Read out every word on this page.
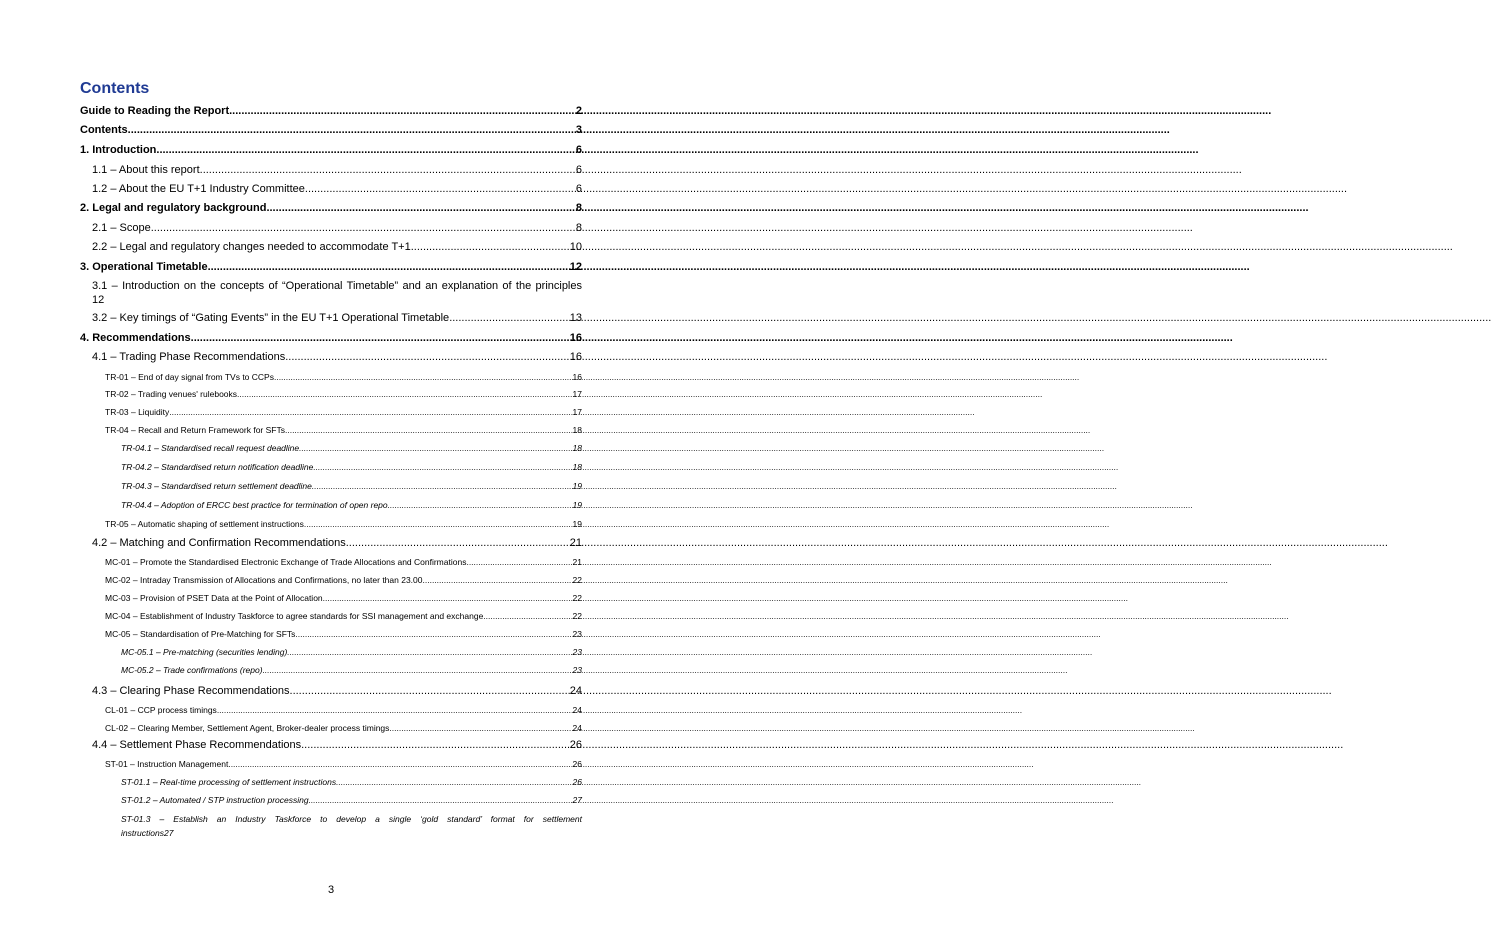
Contents
Guide to Reading the Report .....	2
Contents .....	3
1. Introduction .....	6
1.1 – About this report .....	6
1.2 – About the EU T+1 Industry Committee .....	6
2. Legal and regulatory background .....	8
2.1 – Scope .....	8
2.2 – Legal and regulatory changes needed to accommodate T+1 .....	10
3. Operational Timetable .....	12
3.1 – Introduction on the concepts of “Operational Timetable” and an explanation of the principles
12
3.2 – Key timings of “Gating Events” in the EU T+1 Operational Timetable .....	13
4. Recommendations .....	16
4.1 – Trading Phase Recommendations .....	16
TR-01 – End of day signal from TVs to CCPs .....	16
TR-02 – Trading venues' rulebooks .....	17
TR-03 – Liquidity .....	17
TR-04 – Recall and Return Framework for SFTs .....	18
TR-04.1 – Standardised recall request deadline .....	18
TR-04.2 – Standardised return notification deadline .....	18
TR-04.3 – Standardised return settlement deadline .....	19
TR-04.4 – Adoption of ERCC best practice for termination of open repo .....	19
TR-05 – Automatic shaping of settlement instructions .....	19
4.2 – Matching and Confirmation Recommendations .....	21
MC-01 – Promote the Standardised Electronic Exchange of Trade Allocations and Confirmations .....	21
MC-02 – Intraday Transmission of Allocations and Confirmations, no later than 23.00 .....	22
MC-03 – Provision of PSET Data at the Point of Allocation .....	22
MC-04 – Establishment of Industry Taskforce to agree standards for SSI management and exchange .....	22
MC-05 – Standardisation of Pre-Matching for SFTs .....	23
MC-05.1 – Pre-matching (securities lending) .....	23
MC-05.2 – Trade confirmations (repo) .....	23
4.3 – Clearing Phase Recommendations .....	24
CL-01 – CCP process timings .....	24
CL-02 – Clearing Member, Settlement Agent, Broker-dealer process timings .....	24
4.4 – Settlement Phase Recommendations .....	26
ST-01 – Instruction Management .....	26
ST-01.1 – Real-time processing of settlement instructions .....	26
ST-01.2 – Automated / STP instruction processing .....	27
ST-01.3 – Establish an Industry Taskforce to develop a single ‘gold standard’ format for settlement
instructions 27

3
